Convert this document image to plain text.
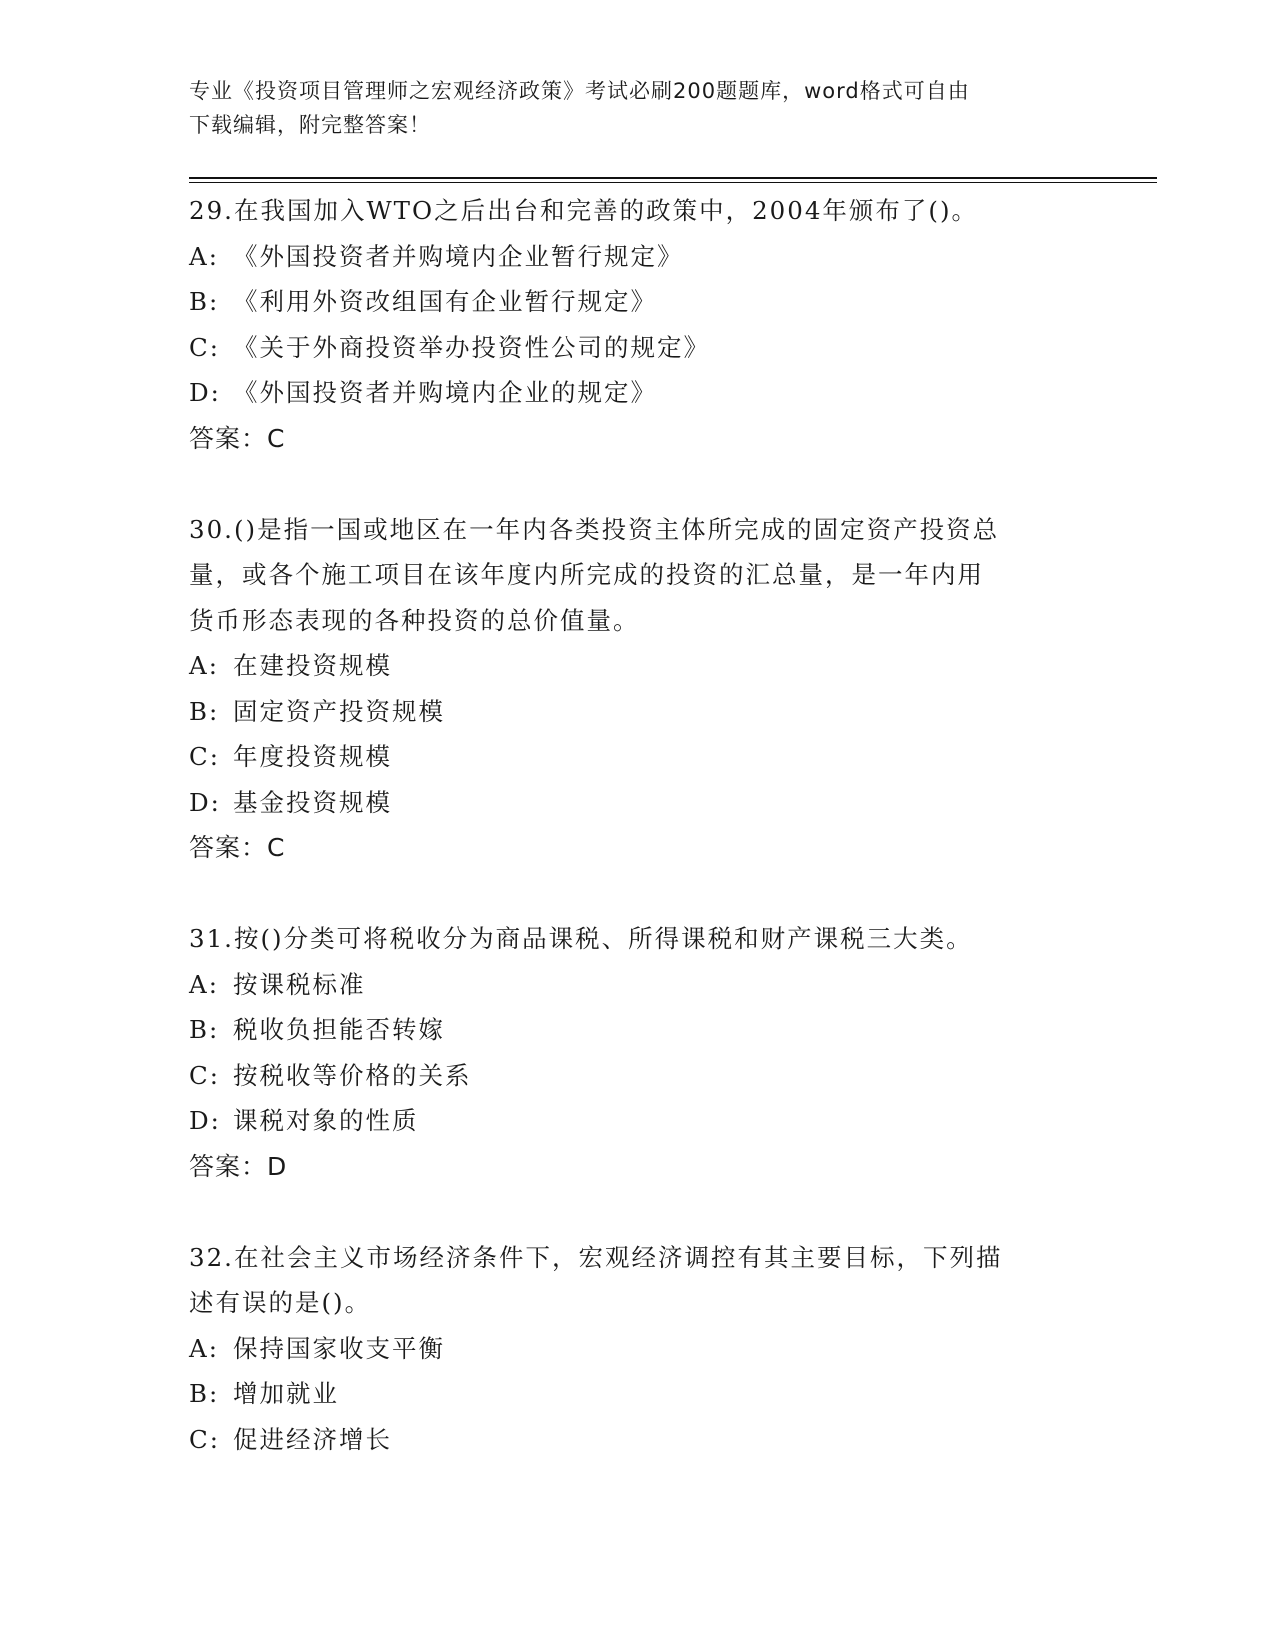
专业《投资项目管理师之宏观经济政策》考试必刷200题题库，word格式可自由
下载编辑，附完整答案！
29.在我国加入WTO之后出台和完善的政策中，2004年颁布了()。
A: 《外国投资者并购境内企业暂行规定》
B: 《利用外资改组国有企业暂行规定》
C: 《关于外商投资举办投资性公司的规定》
D: 《外国投资者并购境内企业的规定》
答案：C
30.()是指一国或地区在一年内各类投资主体所完成的固定资产投资总
量，或各个施工项目在该年度内所完成的投资的汇总量，是一年内用
货币形态表现的各种投资的总价值量。
A: 在建投资规模
B: 固定资产投资规模
C: 年度投资规模
D: 基金投资规模
答案：C
31.按()分类可将税收分为商品课税、所得课税和财产课税三大类。
A: 按课税标准
B: 税收负担能否转嫁
C: 按税收等价格的关系
D: 课税对象的性质
答案：D
32.在社会主义市场经济条件下，宏观经济调控有其主要目标，下列描
述有误的是()。
A: 保持国家收支平衡
B: 增加就业
C: 促进经济增长
